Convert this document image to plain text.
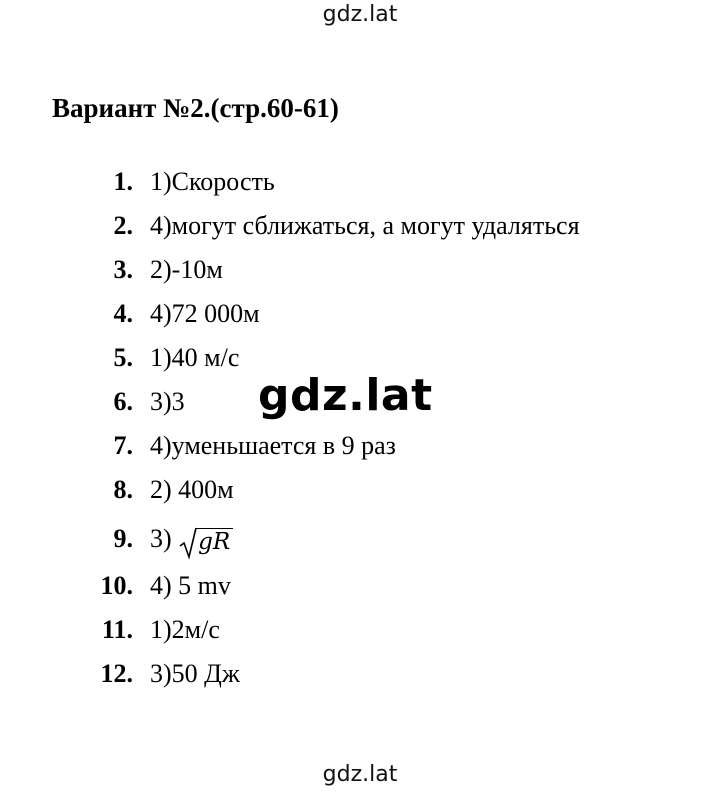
gdz.lat
Вариант №2.(стр.60-61)
1. 1)Скорость
2. 4)могут сближаться, а могут удаляться
3. 2)-10м
4. 4)72 000м
5. 1)40 м/с
6. 3)3
7. 4)уменьшается в 9 раз
8. 2) 400м
9. 3) gR
10. 4) 5 mv
11. 1)2м/с
12. 3)50 Дж
gdz.lat
gdz.lat
